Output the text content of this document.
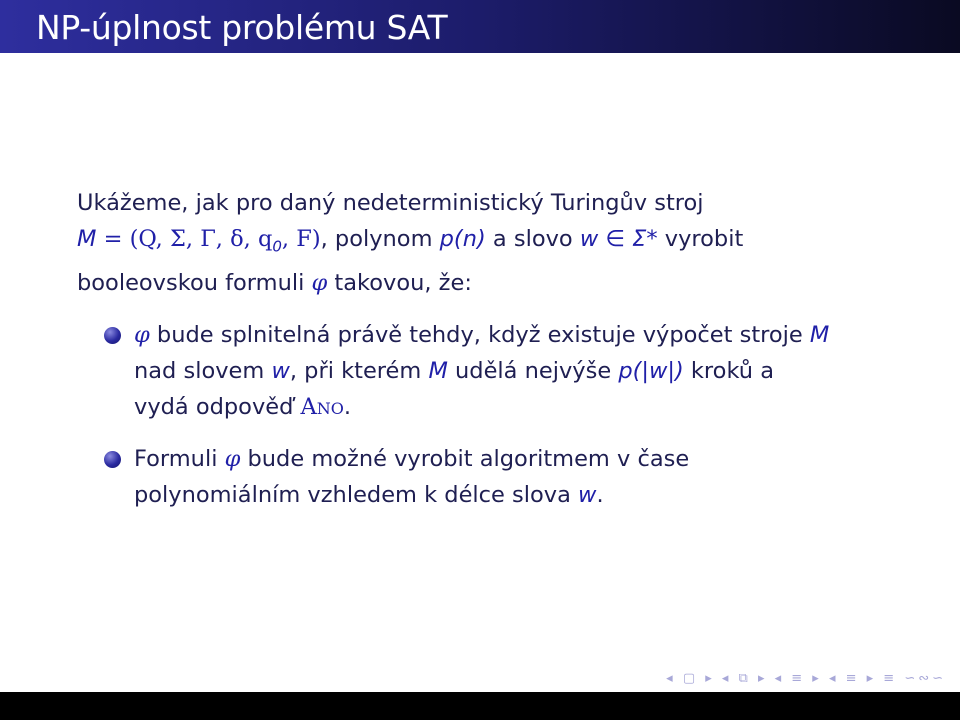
NP-úplnost problému SAT
Ukážeme, jak pro daný nedeterministický Turingův stroj
M = (Q, Σ, Γ, δ, $q_0$, F), polynom p(n) a slovo w ∈ Σ* vyrobit
booleovskou formuli φ takovou, že:
φ bude splnitelná právě tehdy, když existuje výpočet stroje M
nad slovem w, při kterém M udělá nejvýše p(|w|) kroků a
vydá odpověď Ano.
Formuli φ bude možné vyrobit algoritmem v čase
polynomiálním vzhledem k délce slova w.
◂ ▢ ▸ ◂ ⧉ ▸ ◂ ≡ ▸ ◂ ≡ ▸ ≡ ∽∾∽
